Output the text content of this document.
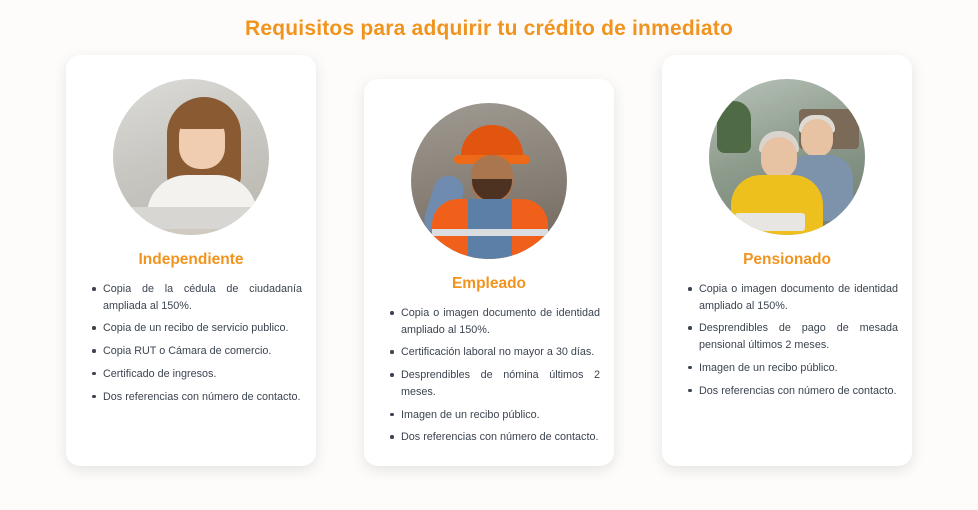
Requisitos para adquirir tu crédito de inmediato
Independiente
Copia de la cédula de ciudadanía ampliada al 150%.
Copia de un recibo de servicio publico.
Copia RUT o Cámara de comercio.
Certificado de ingresos.
Dos referencias con número de contacto.
Empleado
Copia o imagen documento de identidad ampliado al 150%.
Certificación laboral no mayor a 30 días.
Desprendibles de nómina últimos 2 meses.
Imagen de un recibo público.
Dos referencias con número de contacto.
Pensionado
Copia o imagen documento de identidad ampliado al 150%.
Desprendibles de pago de mesada pensional últimos 2 meses.
Imagen de un recibo público.
Dos referencias con número de contacto.
